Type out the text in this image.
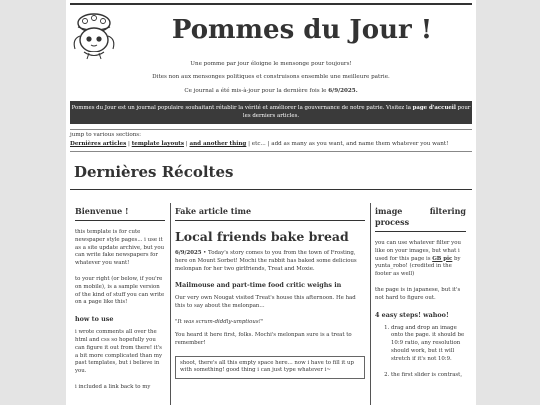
Pommes du Jour !
Une pomme par jour éloigne le mensonge pour toujours!
Dites non aux mensonges politiques et construisons ensemble une meilleure patrie.
Ce journal a été mis-à-jour pour la dernière fois le 6/9/2025.
Pommes du Jour est un journal populaire souhaitant rétablir la vérité et améliorer la gouvernance de notre patrie. Visitez la page d'accueil pour les derniers articles.
jump to various sections:
Dernières articles | template layouts | and another thing | etc... | add as many as you want, and name them whatever you want!
Dernières Récoltes
Bienvenue !

this template is for cute newspaper style pages... i use it as a site update archive, but you can write fake newspapers for whatever you want!

to your right (or below, if you're on mobile), is a sample version of the kind of stuff you can write on a page like this!

how to use

i wrote comments all over the html and css so hopefully you can figure it out from there! it's a bit more complicated than my past templates, but i believe in you.

i included a link back to my

Fake article time
Local friends bake bread

6/9/2025 • Today's story comes to you from the town of Frosting, here on Mount Sorbet! Mochi the rabbit has baked some delicious melonpan for her two girlfriends, Treat and Moxie.

Mailmouse and part-time food critic weighs in

Our very own Nougat visited Treat's house this afternoon. He had this to say about the melonpan...

"It was scrum-diddly-umptious!"

You heard it here first, folks. Mochi's melonpan sure is a treat to remember!

shoot, there's all this empty space here... now i have to fill it up with something! good thing i can just type whatever i~
image filtering process

you can use whatever filter you like on your images, but what i used for this page is GB pic by yunta_robo! (credited in the footer as well)

the page is in japanese, but it's not hard to figure out.

4 easy steps! wahoo!
1. drag and drop an image onto the page. it should be 10:9 ratio, any resolution should work, but it will stretch if it's not 10:9.
2. the first slider is contrast,
